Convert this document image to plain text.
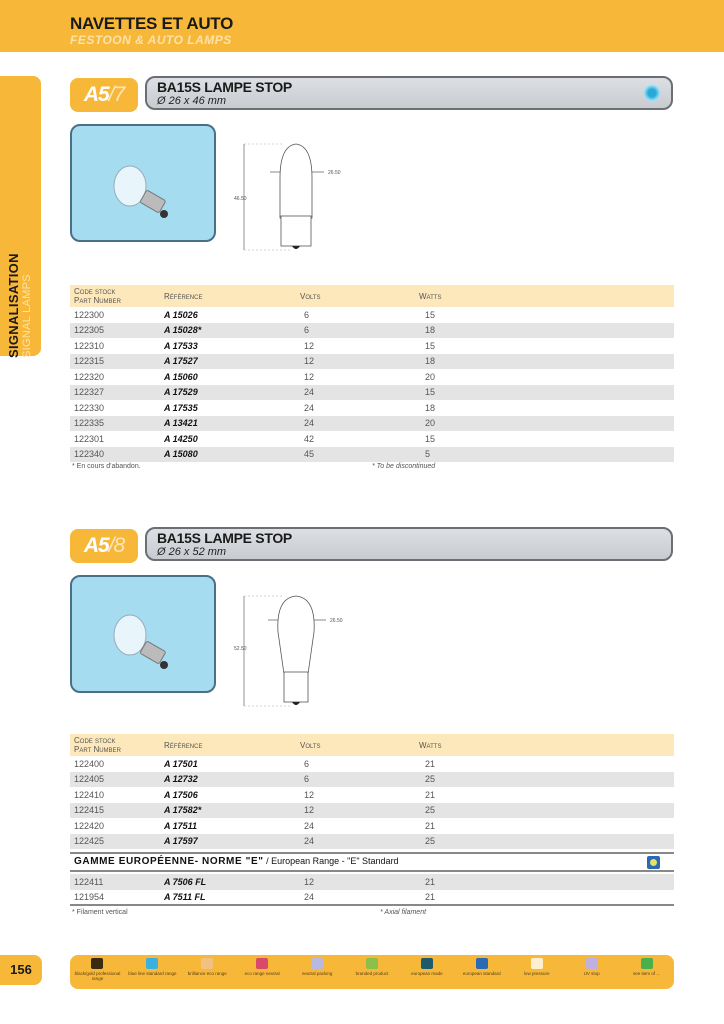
NAVETTES ET AUTO
FESTOON & AUTO LAMPS
SIGNALISATION SIGNAL LAMPS
A5/7	BA15S LAMPE STOP
Ø 26 x 46 mm
46.50
26.50
Code stock
Part Number	Référence	Volts	Watts
122300	A 15026	6	15
122305	A 15028*	6	18
122310	A 17533	12	15
122315	A 17527	12	18
122320	A 15060	12	20
122327	A 17529	24	15
122330	A 17535	24	18
122335	A 13421	24	20
122301	A 14250	42	15
122340	A 15080	45	5
* En cours d'abandon.	* To be discontinued
A5/8	BA15S LAMPE STOP
Ø 26 x 52 mm
52.50
26.50
Code stock
Part Number	Référence	Volts	Watts
122400	A 17501	6	21
122405	A 12732	6	25
122410	A 17506	12	21
122415	A 17582*	12	25
122420	A 17511	24	21
122425	A 17597	24	25
GAMME EUROPÉENNE- NORME "E" / European Range - "E" Standard
122411	A 7506 FL	12	21
121954	A 7511 FL	24	21
* Filament vertical	* Axial filament
156	black/gold professional range
blue line standard range	brilliance eco range	eco range neutral	neutral packing	branded product	european made	european standard	low pressure	UV stop	see item of ...
